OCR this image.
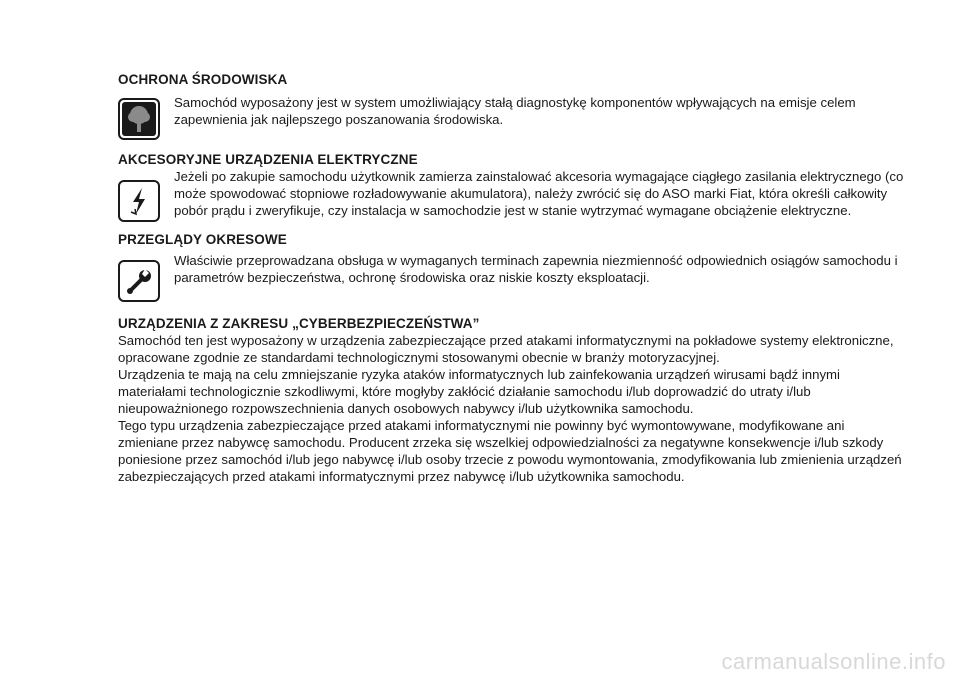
OCHRONA ŚRODOWISKA
Samochód wyposażony jest w system umożliwiający stałą diagnostykę komponentów wpływających na emisje celem zapewnienia jak najlepszego poszanowania środowiska.
AKCESORYJNE URZĄDZENIA ELEKTRYCZNE
Jeżeli po zakupie samochodu użytkownik zamierza zainstalować akcesoria wymagające ciągłego zasilania elektrycznego (co może spowodować stopniowe rozładowywanie akumulatora), należy zwrócić się do ASO marki Fiat, która określi całkowity pobór prądu i zweryfikuje, czy instalacja w samochodzie jest w stanie wytrzymać wymagane obciążenie elektryczne.
PRZEGLĄDY OKRESOWE
Właściwie przeprowadzana obsługa w wymaganych terminach zapewnia niezmienność odpowiednich osiągów samochodu i parametrów bezpieczeństwa, ochronę środowiska oraz niskie koszty eksploatacji.
URZĄDZENIA Z ZAKRESU „CYBERBEZPIECZEŃSTWA”

Samochód ten jest wyposażony w urządzenia zabezpieczające przed atakami informatycznymi na pokładowe systemy elektroniczne, opracowane zgodnie ze standardami technologicznymi stosowanymi obecnie w branży motoryzacyjnej.

Urządzenia te mają na celu zmniejszanie ryzyka ataków informatycznych lub zainfekowania urządzeń wirusami bądź innymi materiałami technologicznie szkodliwymi, które mogłyby zakłócić działanie samochodu i/lub doprowadzić do utraty i/lub nieupoważnionego rozpowszechnienia danych osobowych nabywcy i/lub użytkownika samochodu.

Tego typu urządzenia zabezpieczające przed atakami informatycznymi nie powinny być wymontowywane, modyfikowane ani zmieniane przez nabywcę samochodu. Producent zrzeka się wszelkiej odpowiedzialności za negatywne konsekwencje i/lub szkody poniesione przez samochód i/lub jego nabywcę i/lub osoby trzecie z powodu wymontowania, zmodyfikowania lub zmienienia urządzeń zabezpieczających przed atakami informatycznymi przez nabywcę i/lub użytkownika samochodu.

carmanualsonline.info
